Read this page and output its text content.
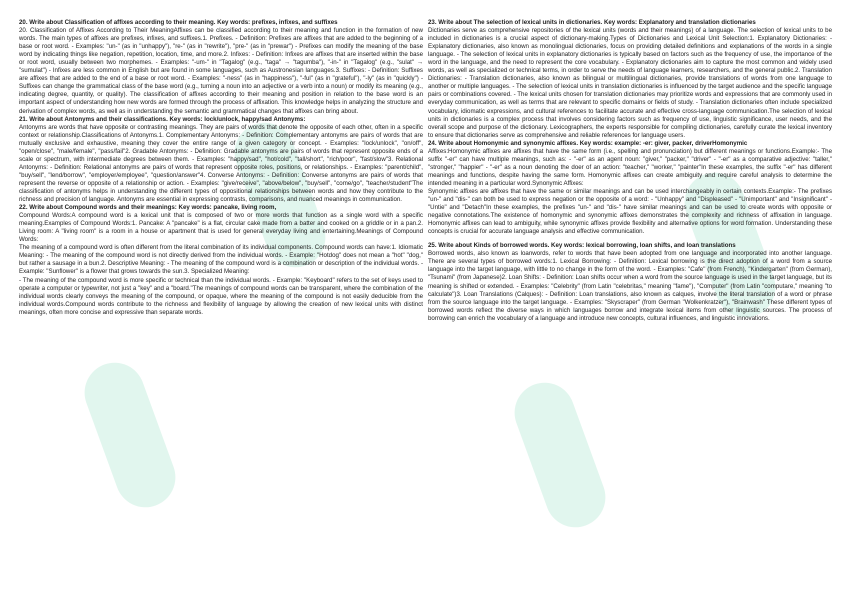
20. Write about Classification of affixes according to their meaning. Key words: prefixes, infixes, and suffixes
20. Classification of Affixes According to Their MeaningAffixes can be classified according to their meaning and function in the formation of new words. The main types of affixes are prefixes, infixes, and suffixes.1. Prefixes. - Definition: Prefixes are affixes that are added to the beginning of a base or root word. - Examples: "un-" (as in "unhappy"), "re-" (as in "rewrite"), "pre-" (as in "prewar") - Prefixes can modify the meaning of the base word by indicating things like negation, repetition, location, time, and more.2. Infixes: - Definition: Infixes are affixes that are inserted within the base or root word, usually between two morphemes. - Examples: "-um-" in "Tagalog" (e.g., "taga" → "tagumba"), "-in-" in "Tagalog" (e.g., "sulat" → "sumulat") - Infixes are less common in English but are found in some languages, such as Austronesian languages.3. Suffixes: - Definition: Suffixes are affixes that are added to the end of a base or root word. - Examples: "-ness" (as in "happiness"), "-ful" (as in "grateful"), "-ly" (as in "quickly") - Suffixes can change the grammatical class of the base word (e.g., turning a noun into an adjective or a verb into a noun) or modify its meaning (e.g., indicating degree, quantity, or quality). The classification of affixes according to their meaning and position in relation to the base word is an important aspect of understanding how new words are formed through the process of affixation. This knowledge helps in analyzing the structure and derivation of complex words, as well as in understanding the semantic and grammatical changes that affixes can bring about.
21. Write about Antonyms and their classifications. Key words: lock/unlock, happy/sad Antonyms:
Antonyms are words that have opposite or contrasting meanings. They are pairs of words that denote the opposite of each other, often in a specific context or relationship.Classifications of Antonyms.1. Complementary Antonyms: - Definition: Complementary antonyms are pairs of words that are mutually exclusive and exhaustive, meaning they cover the entire range of a given category or concept. - Examples: "lock/unlock", "on/off", "open/close", "male/female", "pass/fail"2. Gradable Antonyms: - Definition: Gradable antonyms are pairs of words that represent opposite ends of a scale or spectrum, with intermediate degrees between them. - Examples: "happy/sad", "hot/cold", "tall/short", "rich/poor", "fast/slow"3. Relational Antonyms: - Definition: Relational antonyms are pairs of words that represent opposite roles, positions, or relationships. - Examples: "parent/child", "buy/sell", "lend/borrow", "employer/employee", "question/answer"4. Converse Antonyms: - Definition: Converse antonyms are pairs of words that represent the reverse or opposite of a relationship or action. - Examples: "give/receive", "above/below", "buy/sell", "come/go", "teacher/student"The classification of antonyms helps in understanding the different types of oppositional relationships between words and how they contribute to the richness and precision of language. Antonyms are essential in expressing contrasts, comparisons, and nuanced meanings in communication.
22. Write about Compound words and their meanings: Key words: pancake, living room,
Compound Words:A compound word is a lexical unit that is composed of two or more words that function as a single word with a specific meaning.Examples of Compound Words:1. Pancake: A "pancake" is a flat, circular cake made from a batter and cooked on a griddle or in a pan.2. Living room: A "living room" is a room in a house or apartment that is used for general everyday living and entertaining.Meanings of Compound Words:
The meaning of a compound word is often different from the literal combination of its individual components. Compound words can have:1. Idiomatic Meaning: - The meaning of the compound word is not directly derived from the individual words. - Example: "Hotdog" does not mean a "hot" "dog," but rather a sausage in a bun.2. Descriptive Meaning: - The meaning of the compound word is a combination or description of the individual words. - Example: "Sunflower" is a flower that grows towards the sun.3. Specialized Meaning:
- The meaning of the compound word is more specific or technical than the individual words. - Example: "Keyboard" refers to the set of keys used to operate a computer or typewriter, not just a "key" and a "board."The meanings of compound words can be transparent, where the combination of the individual words clearly conveys the meaning of the compound, or opaque, where the meaning of the compound is not easily deducible from the individual words.Compound words contribute to the richness and flexibility of language by allowing the creation of new lexical units with distinct meanings, often more concise and expressive than separate words.
23. Write about The selection of lexical units in dictionaries. Key words: Explanatory and translation dictionaries
Dictionaries serve as comprehensive repositories of the lexical units (words and their meanings) of a language. The selection of lexical units to be included in dictionaries is a crucial aspect of dictionary-making.Types of Dictionaries and Lexical Unit Selection:1. Explanatory Dictionaries: - Explanatory dictionaries, also known as monolingual dictionaries, focus on providing detailed definitions and explanations of the words in a single language. - The selection of lexical units in explanatory dictionaries is typically based on factors such as the frequency of use, the importance of the word in the language, and the need to represent the core vocabulary. - Explanatory dictionaries aim to capture the most common and widely used words, as well as specialized or technical terms, in order to serve the needs of language learners, researchers, and the general public.2. Translation Dictionaries: - Translation dictionaries, also known as bilingual or multilingual dictionaries, provide translations of words from one language to another or multiple languages. - The selection of lexical units in translation dictionaries is influenced by the target audience and the specific language pairs or combinations covered. - The lexical units chosen for translation dictionaries may prioritize words and expressions that are commonly used in everyday communication, as well as terms that are relevant to specific domains or fields of study. - Translation dictionaries often include specialized vocabulary, idiomatic expressions, and cultural references to facilitate accurate and effective cross-language communication.The selection of lexical units in dictionaries is a complex process that involves considering factors such as frequency of use, linguistic significance, user needs, and the overall scope and purpose of the dictionary. Lexicographers, the experts responsible for compiling dictionaries, carefully curate the lexical inventory to ensure that dictionaries serve as comprehensive and reliable references for language users.
24. Write about Homonymic and synonymic affixes. Key words: example: -er: giver, packer, driverHomonymic
Affixes:Homonymic affixes are affixes that have the same form (i.e., spelling and pronunciation) but different meanings or functions.Example:- The suffix "-er" can have multiple meanings, such as: - "-er" as an agent noun: "giver," "packer," "driver" - "-er" as a comparative adjective: "taller," "stronger," "happier" - "-er" as a noun denoting the doer of an action: "teacher," "worker," "painter"In these examples, the suffix "-er" has different meanings and functions, despite having the same form. Homonymic affixes can create ambiguity and require careful analysis to determine the intended meaning in a particular word.Synonymic Affixes:
Synonymic affixes are affixes that have the same or similar meanings and can be used interchangeably in certain contexts.Example:- The prefixes "un-" and "dis-" can both be used to express negation or the opposite of a word: - "Unhappy" and "Displeased" - "Unimportant" and "Insignificant" - "Untie" and "Detach"In these examples, the prefixes "un-" and "dis-" have similar meanings and can be used to create words with opposite or negative connotations.The existence of homonymic and synonymic affixes demonstrates the complexity and richness of affixation in language. Homonymic affixes can lead to ambiguity, while synonymic affixes provide flexibility and alternative options for word formation. Understanding these concepts is crucial for accurate language analysis and effective communication.
25. Write about Kinds of borrowed words. Key words: lexical borrowing, loan shifts, and loan translations
Borrowed words, also known as loanwords, refer to words that have been adopted from one language and incorporated into another language. There are several types of borrowed words:1. Lexical Borrowing: - Definition: Lexical borrowing is the direct adoption of a word from a source language into the target language, with little to no change in the form of the word. - Examples: "Cafe" (from French), "Kindergarten" (from German), "Tsunami" (from Japanese)2. Loan Shifts: - Definition: Loan shifts occur when a word from the source language is used in the target language, but its meaning is shifted or extended. - Examples: "Celebrity" (from Latin "celebritas," meaning "fame"), "Computer" (from Latin "computare," meaning "to calculate")3. Loan Translations (Calques): - Definition: Loan translations, also known as calques, involve the literal translation of a word or phrase from the source language into the target language. - Examples: "Skyscraper" (from German "Wolkenkratzer"), "Brainwash" These different types of borrowed words reflect the diverse ways in which languages borrow and integrate lexical items from other linguistic sources. The process of borrowing can enrich the vocabulary of a language and introduce new concepts, cultural influences, and linguistic innovations.
